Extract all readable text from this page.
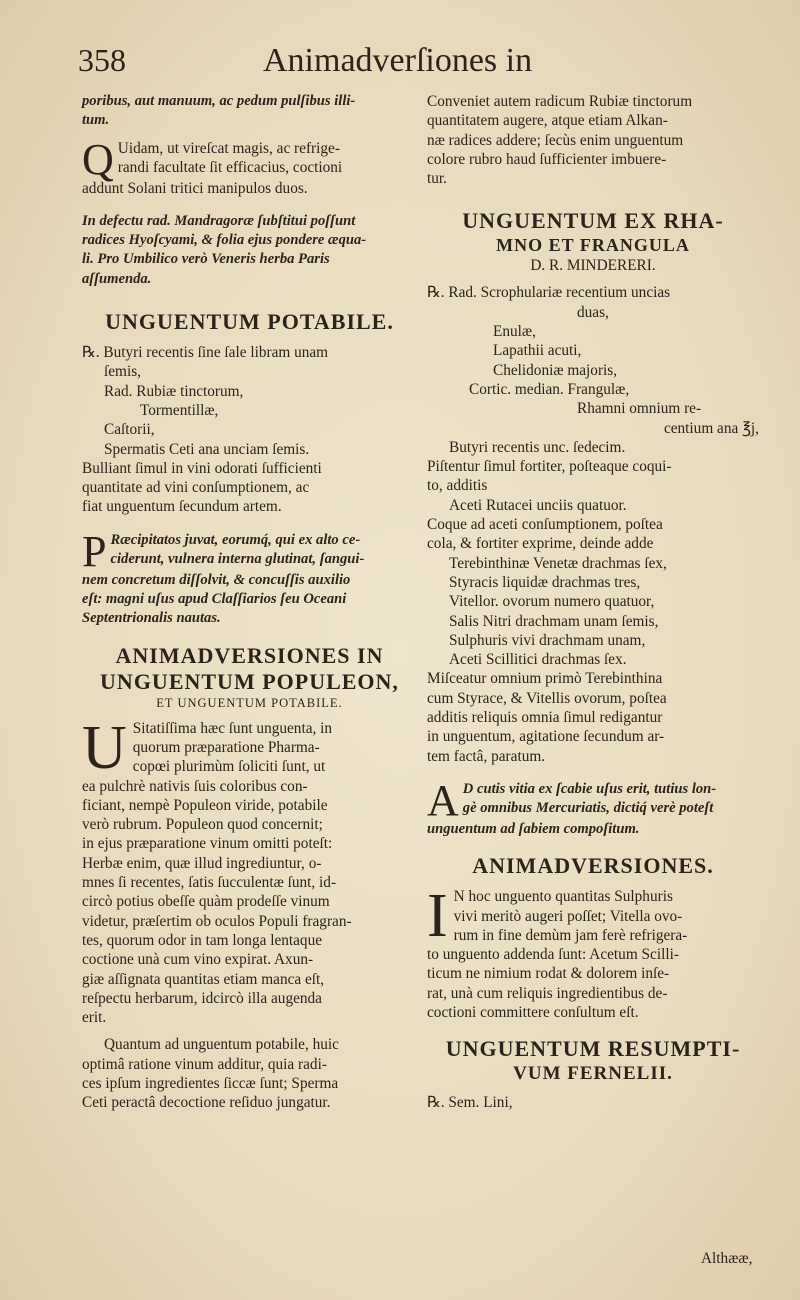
358	Animadverſiones in

poribus, aut manuum, ac pedum pulſibus illi-

tum.

Q Uidam, ut vireſcat magis, ac refrige-

randi facultate ſit efficacius, coctioni

addunt Solani tritici manipulos duos.

In defectu rad. Mandragoræ ſubſtitui poſſunt

radices Hyoſcyami, & folia ejus pondere æqua-

li. Pro Umbilico verò Veneris herba Paris

aſſumenda.

UNGUENTUM POTABILE.

℞. Butyri recentis ſine ſale libram unam

ſemis,

Rad. Rubiæ tinctorum,

Tormentillæ,

Caſtorii,

Spermatis Ceti ana unciam ſemis.

Bulliant ſimul in vini odorati ſufficienti

quantitate ad vini conſumptionem, ac

fiat unguentum ſecundum artem.

P Ræcipitatos juvat, eorumq́, qui ex alto ce-

ciderunt, vulnera interna glutinat, ſangui-

nem concretum diſſolvit, & concuſſis auxilio

eſt: magni uſus apud Claſſiarios ſeu Oceani

Septentrionalis nautas.

ANIMADVERSIONES IN
UNGUENTUM POPULEON,

ET UNGUENTUM POTABILE.

U Sitatiſſima hæc ſunt unguenta, in

quorum præparatione Pharma-

copœi plurimùm ſoliciti ſunt, ut

ea pulchrè nativis ſuis coloribus con-

ficiant, nempè Populeon viride, potabile

verò rubrum. Populeon quod concernit;

in ejus præparatione vinum omitti poteſt:

Herbæ enim, quæ illud ingrediuntur, o-

mnes ſi recentes, ſatis ſucculentæ ſunt, id-

circò potius obeſſe quàm prodeſſe vinum

videtur, præſertim ob oculos Populi fragran-

tes, quorum odor in tam longa lentaque

coctione unà cum vino expirat. Axun-

giæ aſſignata quantitas etiam manca eſt,

reſpectu herbarum, idcircò illa augenda

erit.

Quantum ad unguentum potabile, huic

optimâ ratione vinum additur, quia radi-

ces ipſum ingredientes ſiccæ ſunt; Sperma

Ceti peractâ decoctione reſiduo jungatur.

Conveniet autem radicum Rubiæ tinctorum

quantitatem augere, atque etiam Alkan-

næ radices addere; ſecùs enim unguentum

colore rubro haud ſufficienter imbuere-

tur.

UNGUENTUM EX RHA-
MNO ET FRANGULA

D. R. MINDERERI.

℞. Rad. Scrophulariæ recentium uncias

duas,

Enulæ,

Lapathii acuti,

Chelidoniæ majoris,

Cortic. median. Frangulæ,

Rhamni omnium re-

centium ana ℥j,

Butyri recentis unc. ſedecim.

Piſtentur ſimul fortiter, poſteaque coqui-

to, additis

Aceti Rutacei unciis quatuor.

Coque ad aceti conſumptionem, poſtea

cola, & fortiter exprime, deinde adde

Terebinthinæ Venetæ drachmas ſex,

Styracis liquidæ drachmas tres,

Vitellor. ovorum numero quatuor,

Salis Nitri drachmam unam ſemis,

Sulphuris vivi drachmam unam,

Aceti Scillitici drachmas ſex.

Miſceatur omnium primò Terebinthina

cum Styrace, & Vitellis ovorum, poſtea

additis reliquis omnia ſimul redigantur

in unguentum, agitatione ſecundum ar-

tem factâ, paratum.

A D cutis vitia ex ſcabie uſus erit, tutius lon-

gè omnibus Mercuriatis, dictiq́ verè poteſt

unguentum ad ſabiem compoſitum.

ANIMADVERSIONES.
I N hoc unguento quantitas Sulphuris

vivi meritò augeri poſſet; Vitella ovo-

rum in fine demùm jam ferè refrigera-

to unguento addenda ſunt: Acetum Scilli-

ticum ne nimium rodat & dolorem inſe-

rat, unà cum reliquis ingredientibus de-

coctioni committere conſultum eſt.

UNGUENTUM RESUMPTI-
VUM FERNELII.

℞. Sem. Lini,

Althææ,
